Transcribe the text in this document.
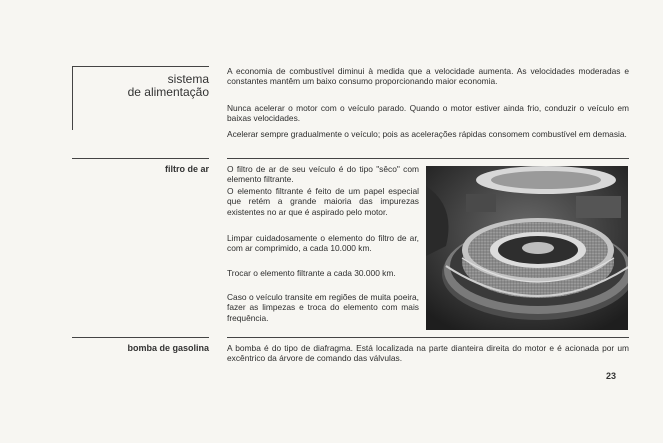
sistema
de alimentação

A economia de combustível diminui à medida que a velocidade aumenta. As velocidades moderadas e constantes mantêm um baixo consumo proporcionando maior economia.

Nunca acelerar o motor com o veículo parado. Quando o motor estiver ainda frio, conduzir o veículo em baixas velocidades.

Acelerar sempre gradualmente o veículo; pois as acelerações rápidas consomem combustível em demasia.

filtro de ar O filtro de ar de seu veículo é do tipo "sêco" com elemento filtrante.

O elemento filtrante é feito de um papel especial que retém a grande maioria das impurezas existentes no ar que é aspirado pelo motor.

Limpar cuidadosamente o elemento do filtro de ar, com ar comprimido, a cada 10.000 km.

Trocar o elemento filtrante a cada 30.000 km.

Caso o veículo transite em regiões de muita poeira, fazer as limpezas e troca do elemento com mais frequência.

bomba de gasolina A bomba é do tipo de diafragma. Está localizada na parte dianteira direita do motor e é acionada por um excêntrico da árvore de comando das válvulas.

23
